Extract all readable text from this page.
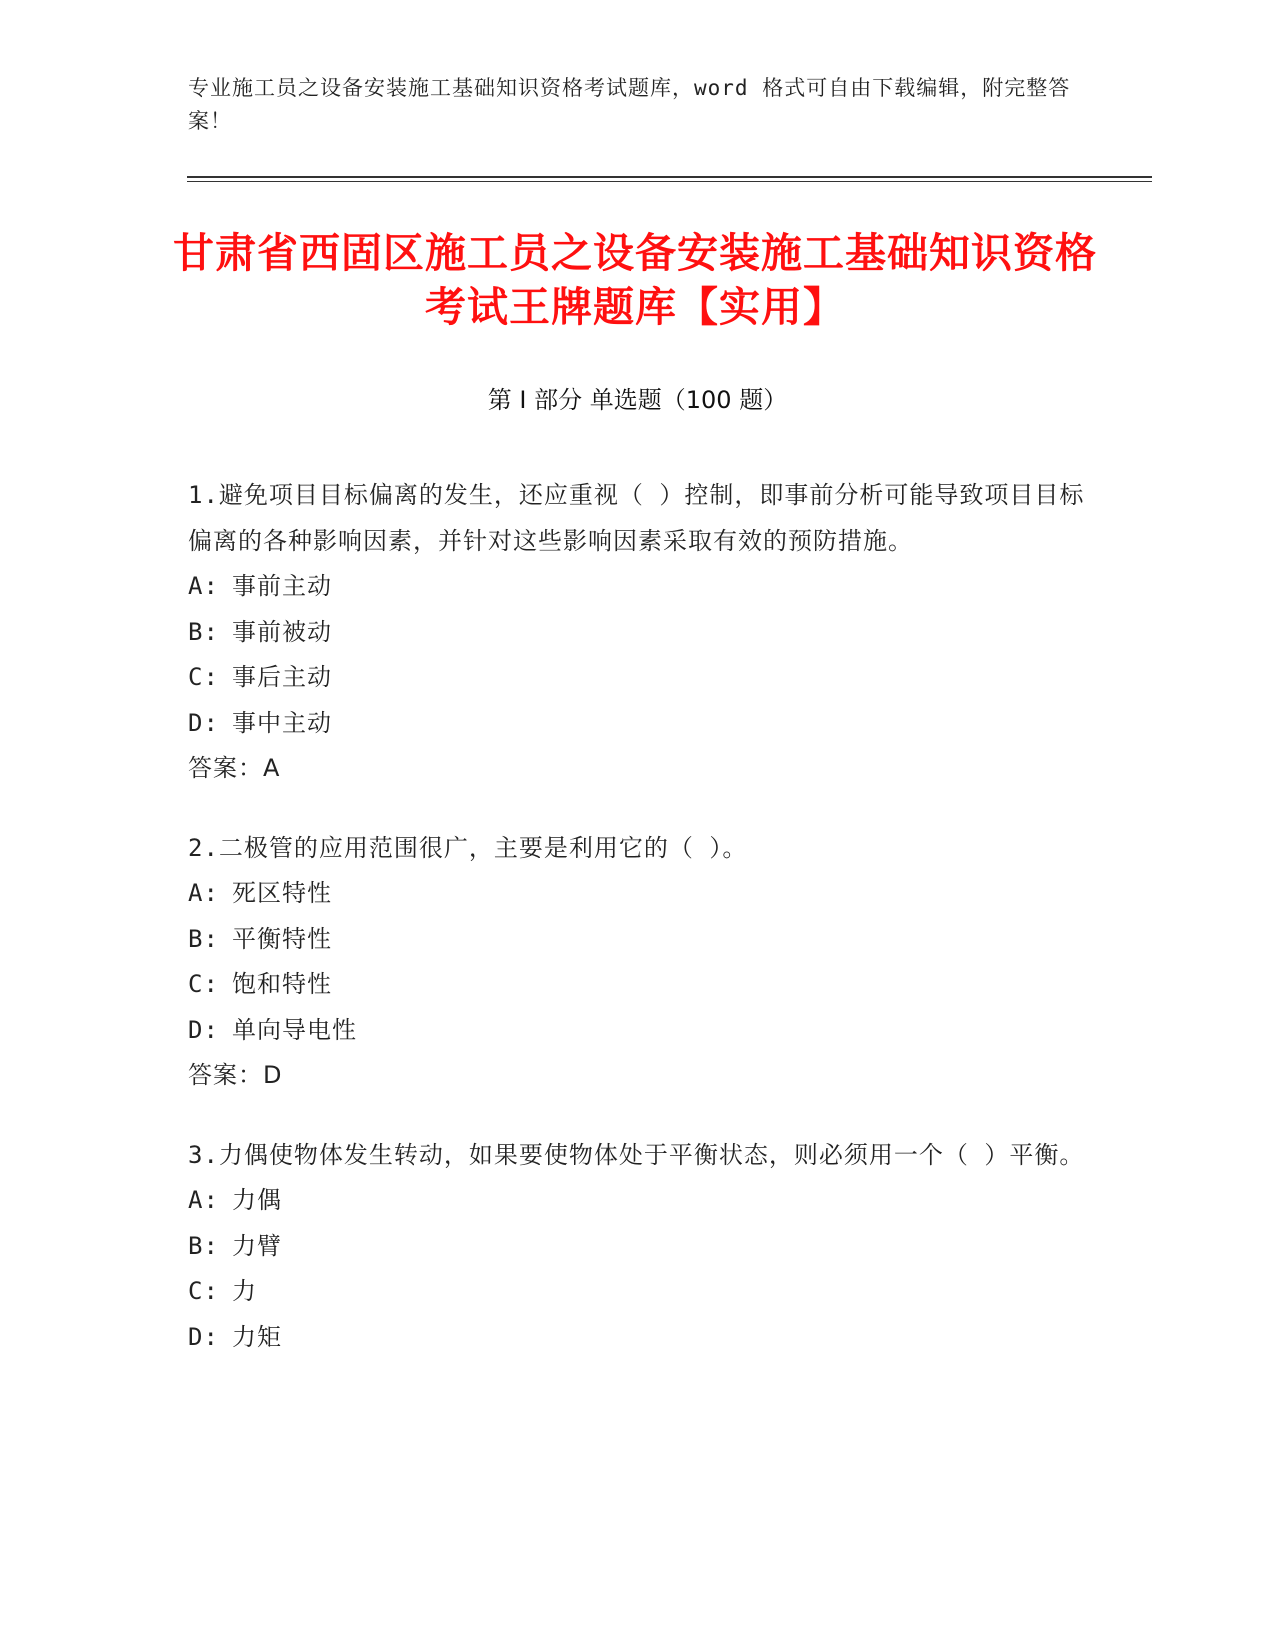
专业施工员之设备安装施工基础知识资格考试题库，word 格式可自由下载编辑，附完整答案！
甘肃省西固区施工员之设备安装施工基础知识资格考试王牌题库【实用】
第 I 部分 单选题（100 题）
1.避免项目目标偏离的发生，还应重视（ ）控制，即事前分析可能导致项目目标偏离的各种影响因素，并针对这些影响因素采取有效的预防措施。
A: 事前主动
B: 事前被动
C: 事后主动
D: 事中主动
答案：A
2.二极管的应用范围很广，主要是利用它的（ ）。
A: 死区特性
B: 平衡特性
C: 饱和特性
D: 单向导电性
答案：D
3.力偶使物体发生转动，如果要使物体处于平衡状态，则必须用一个（ ）平衡。
A: 力偶
B: 力臂
C: 力
D: 力矩
